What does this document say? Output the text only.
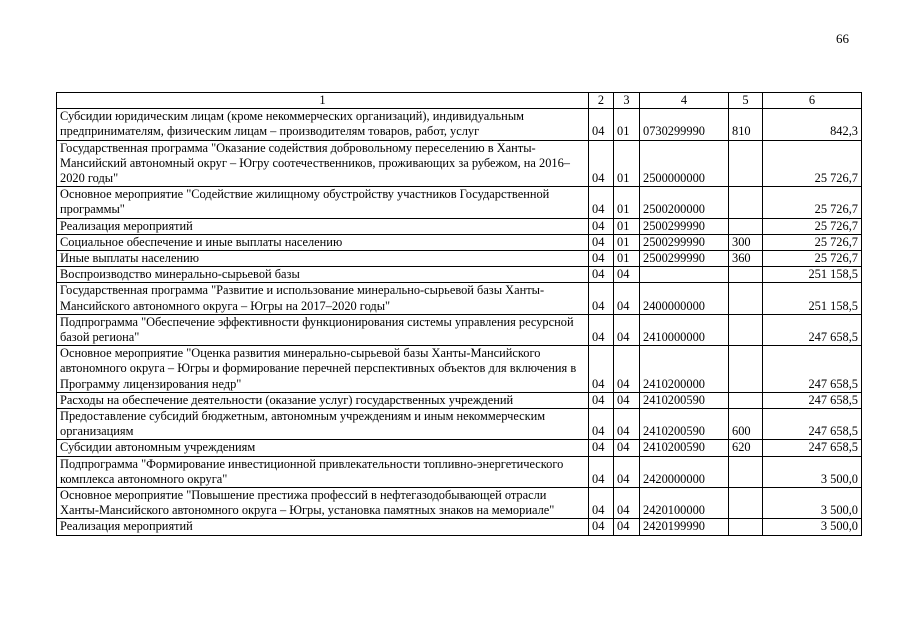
66
1	2	3	4	5	6
Субсидии юридическим лицам (кроме некоммерческих организаций), индивидуальным предпринимателям, физическим лицам – производителям товаров, работ, услуг	04	01	0730299990	810	842,3
Государственная программа "Оказание содействия добровольному переселению в Ханты-Мансийский автономный округ – Югру соотечественников, проживающих за рубежом, на 2016–2020 годы"	04	01	2500000000		25 726,7
Основное мероприятие "Содействие жилищному обустройству участников Государственной программы"	04	01	2500200000		25 726,7
Реализация мероприятий	04	01	2500299990		25 726,7
Социальное обеспечение и иные выплаты населению	04	01	2500299990	300	25 726,7
Иные выплаты населению	04	01	2500299990	360	25 726,7
Воспроизводство минерально-сырьевой базы	04	04			251 158,5
Государственная программа "Развитие и использование минерально-сырьевой базы Ханты-Мансийского автономного округа – Югры на 2017–2020 годы"	04	04	2400000000		251 158,5
Подпрограмма "Обеспечение эффективности функционирования системы управления ресурсной базой региона"	04	04	2410000000		247 658,5
Основное мероприятие "Оценка развития минерально-сырьевой базы Ханты-Мансийского автономного округа – Югры и формирование перечней перспективных объектов для включения в Программу лицензирования недр"	04	04	2410200000		247 658,5
Расходы на обеспечение деятельности (оказание услуг) государственных учреждений	04	04	2410200590		247 658,5
Предоставление субсидий бюджетным, автономным учреждениям и иным некоммерческим организациям	04	04	2410200590	600	247 658,5
Субсидии автономным учреждениям	04	04	2410200590	620	247 658,5
Подпрограмма "Формирование инвестиционной привлекательности топливно-энергетического комплекса автономного округа"	04	04	2420000000		3 500,0
Основное мероприятие "Повышение престижа профессий в нефтегазодобывающей отрасли Ханты-Мансийского автономного округа – Югры, установка памятных знаков на мемориале"	04	04	2420100000		3 500,0
Реализация мероприятий	04	04	2420199990		3 500,0
